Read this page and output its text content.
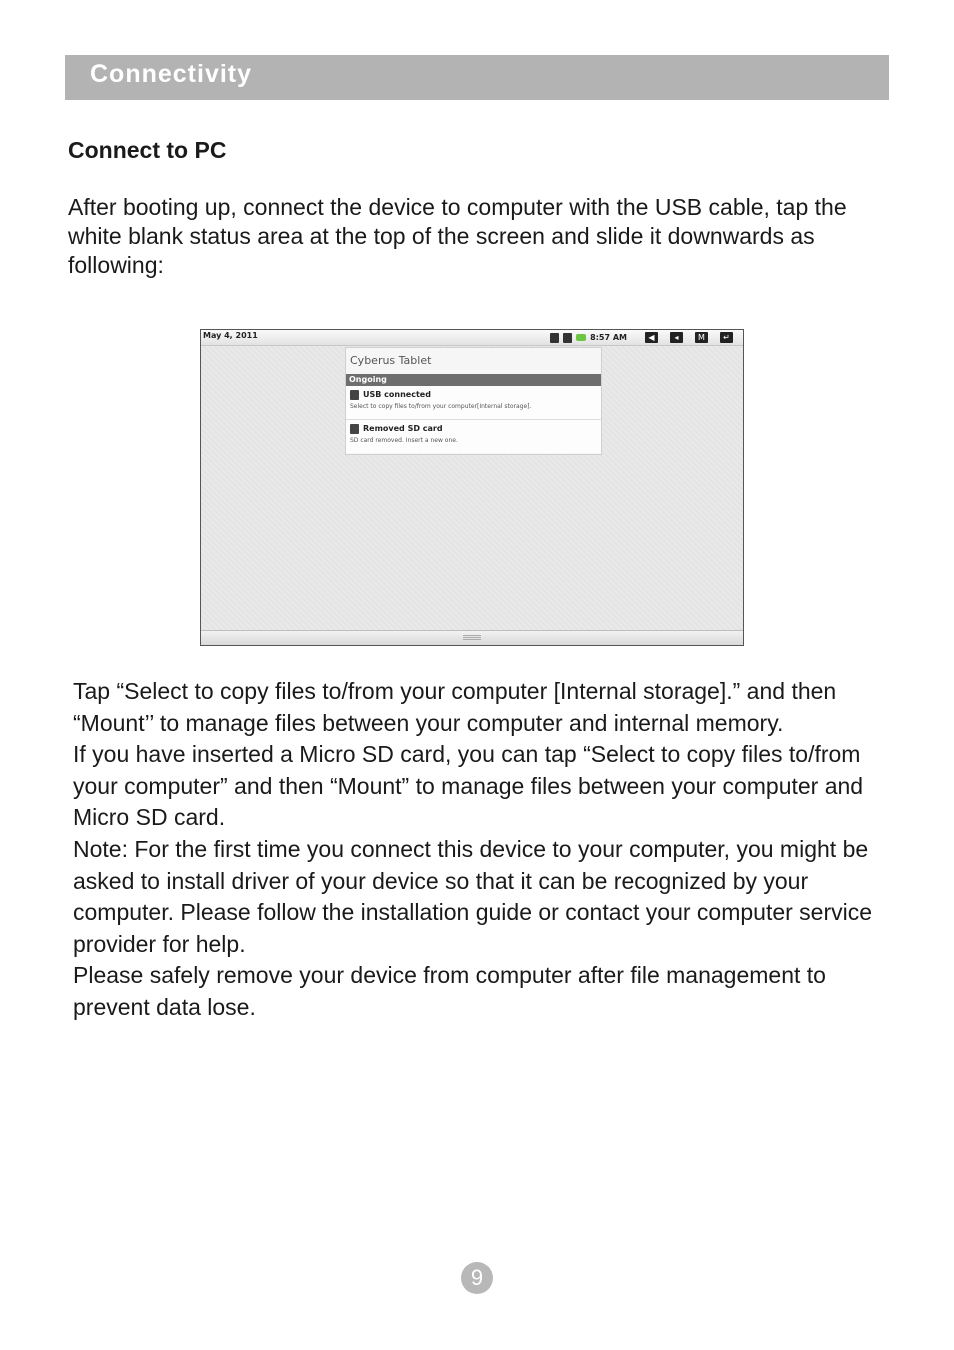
Connectivity
Connect to PC

After booting up, connect the device to computer with the USB cable, tap the white blank status area at the top of the screen and slide it downwards as following:

May 4, 2011	8:57 AM	◀	◂	M	↵
Cyberus Tablet
Ongoing
USB connected
Select to copy files to/from your computer[Internal storage].
Removed SD card
SD card removed. Insert a new one.

Tap “Select to copy files to/from your computer [Internal storage].” and then “Mount’’ to manage files between your computer and internal memory.

If you have inserted a Micro SD card, you can tap “Select to copy files to/from your computer” and then “Mount” to manage files between your computer and Micro SD card.

Note: For the first time you connect this device to your computer, you might be asked to install driver of your device so that it can be recognized by your computer. Please follow the installation guide or contact your computer service provider for help.

Please safely remove your device from computer after file management to prevent data lose.

9
